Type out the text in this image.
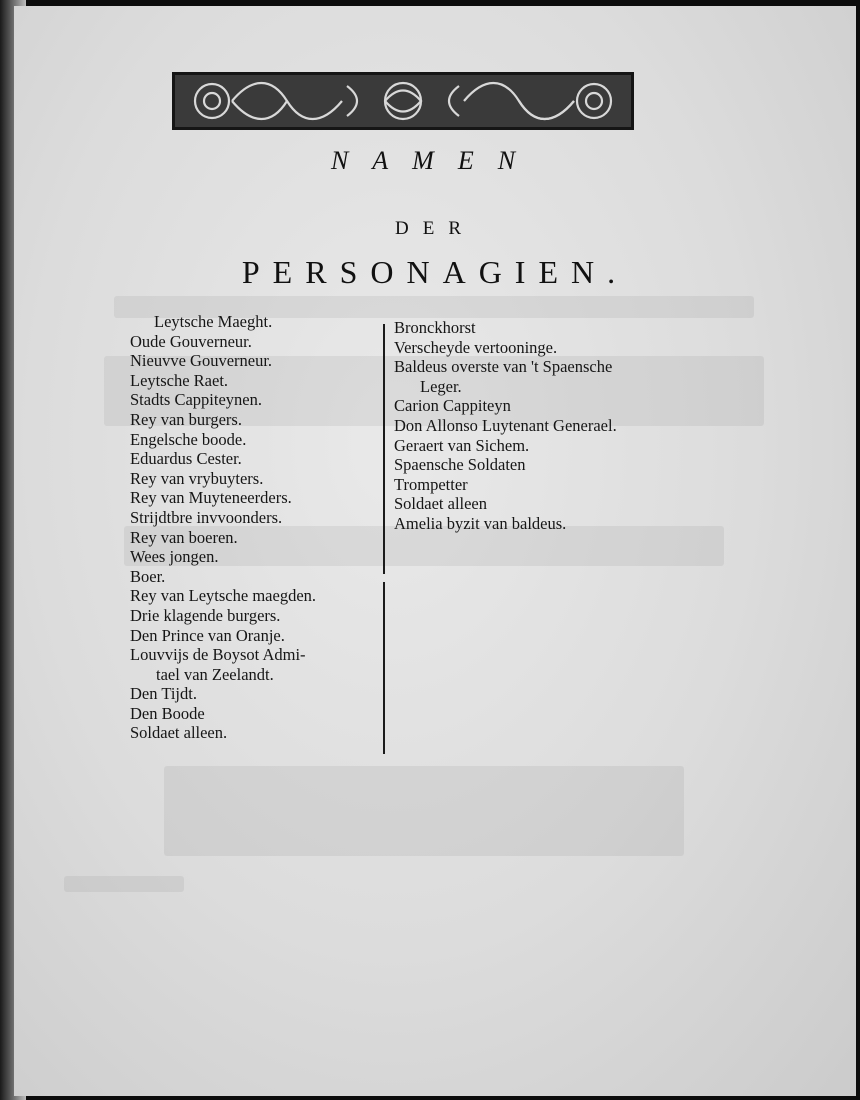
NAMEN
DER
PERSONAGIEN.
Leytsche Maeght.
Oude Gouverneur.
Nieuvve Gouverneur.
Leytsche Raet.
Stadts Cappiteynen.
Rey van burgers.
Engelsche boode.
Eduardus Cester.
Rey van vrybuyters.
Rey van Muyteneerders.
Strijdtbre invvoonders.
Rey van boeren.
Wees jongen.
Boer.
Rey van Leytsche maegden.
Drie klagende burgers.
Den Prince van Oranje.
Louvvijs de Boysot Admi-
tael van Zeelandt.
Den Tijdt.
Den Boode
Soldaet alleen.
Bronckhorst
Verscheyde vertooninge.
Baldeus overste van 't Spaensche
Leger.
Carion Cappiteyn
Don Allonso Luytenant Generael.
Geraert van Sichem.
Spaensche Soldaten
Trompetter
Soldaet alleen
Amelia byzit van baldeus.
